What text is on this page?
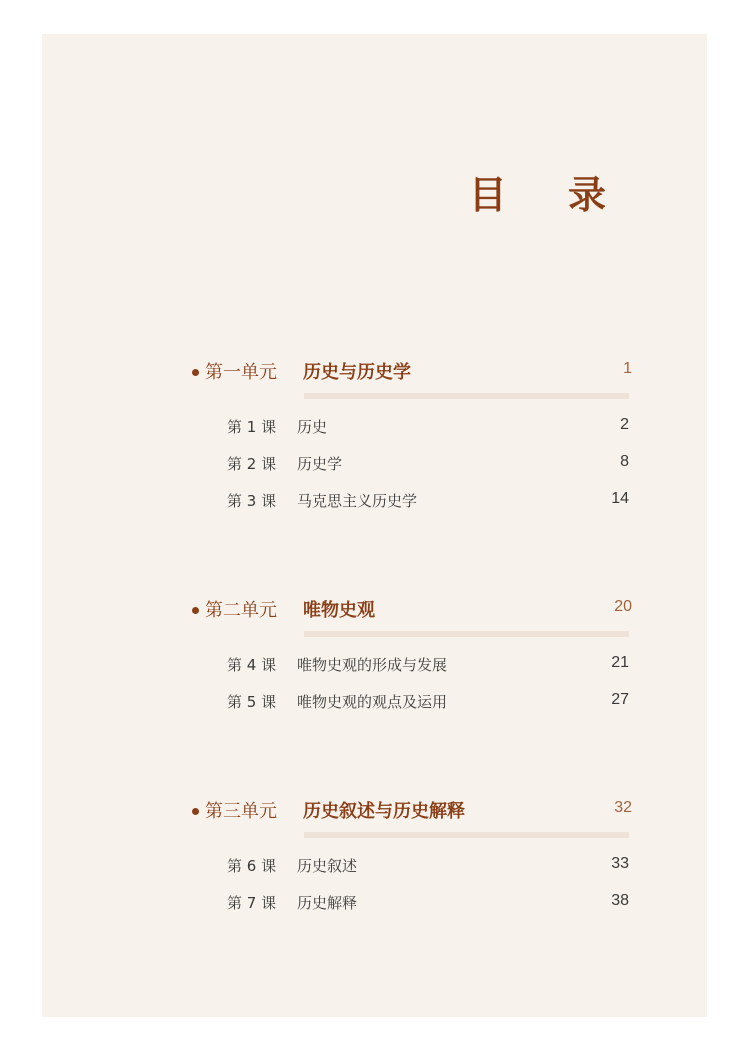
目 录
第一单元 历史与历史学	1
第 1 课 历史	2
第 2 课 历史学	8
第 3 课 马克思主义历史学	14
第二单元 唯物史观	20
第 4 课 唯物史观的形成与发展	21
第 5 课 唯物史观的观点及运用	27
第三单元 历史叙述与历史解释	32
第 6 课 历史叙述	33
第 7 课 历史解释	38
